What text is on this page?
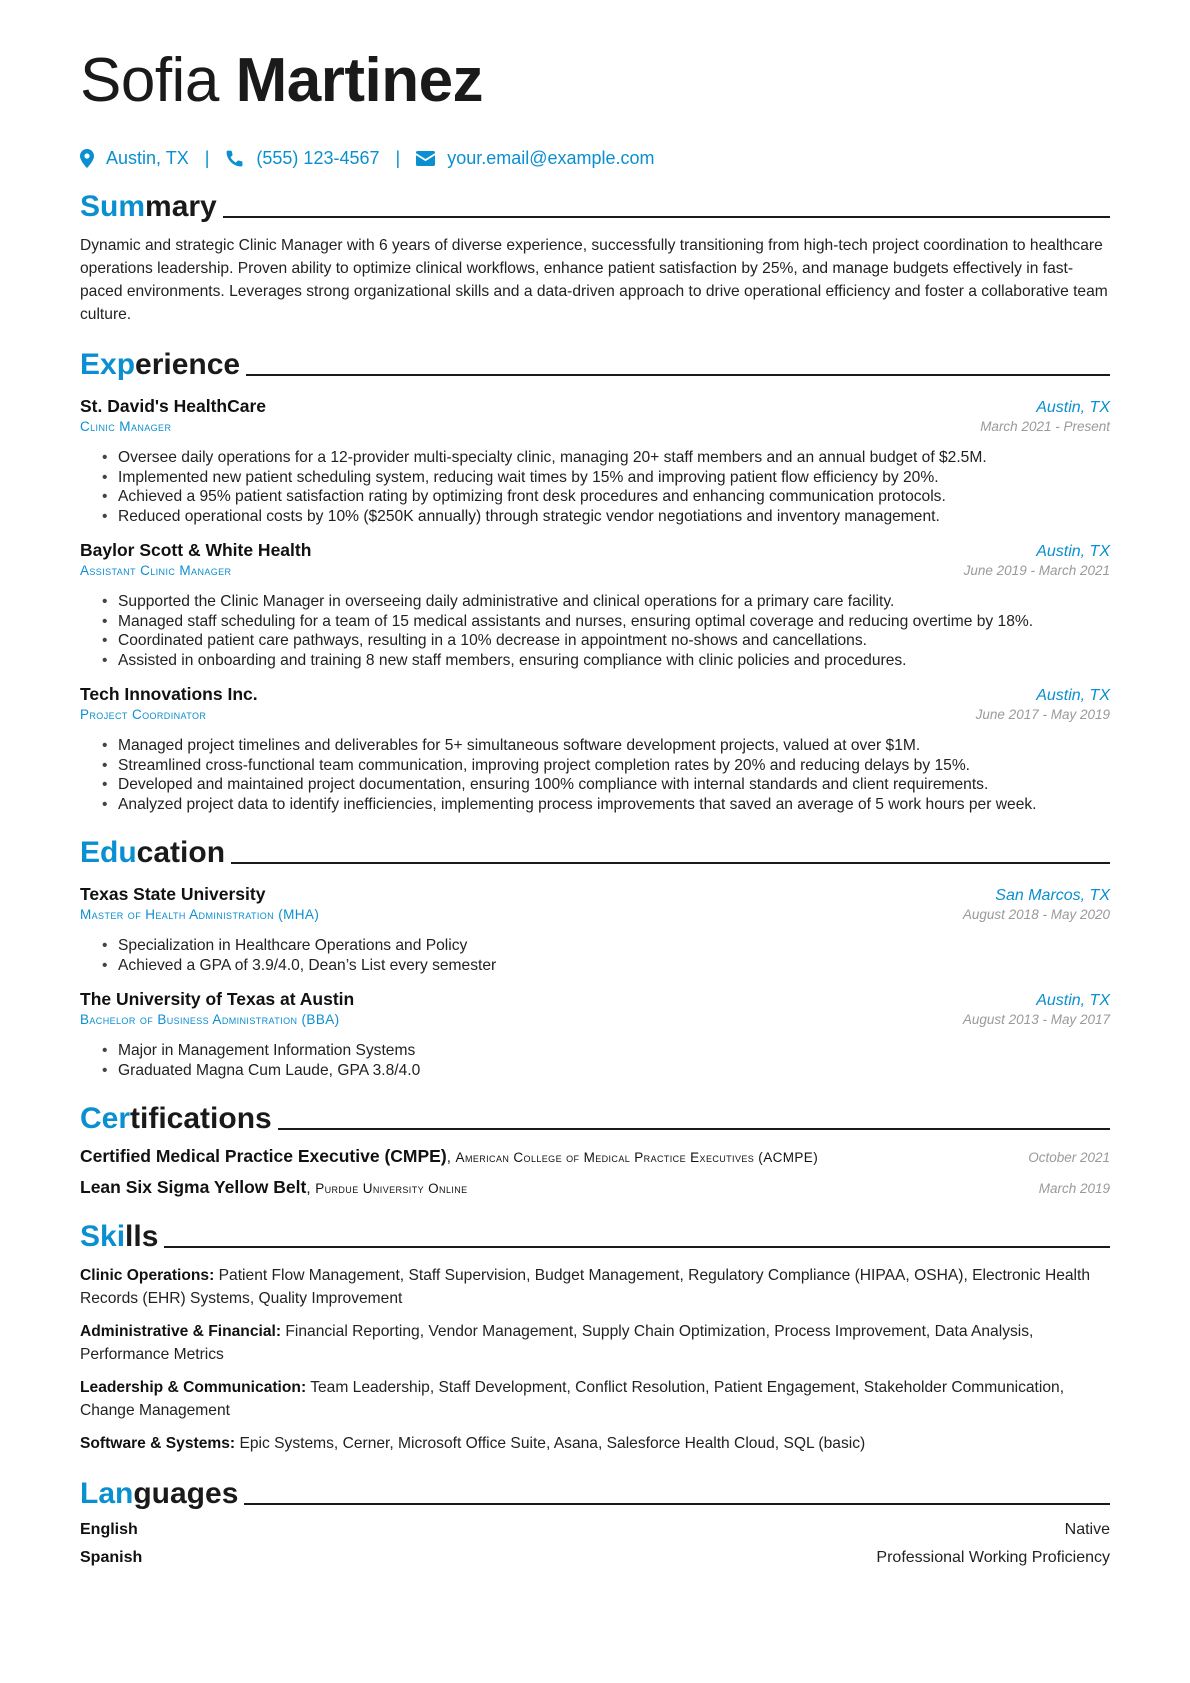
Sofia Martinez
Austin, TX |	(555) 123-4567 |	your.email@example.com
Summary
Dynamic and strategic Clinic Manager with 6 years of diverse experience, successfully transitioning from high-tech project coordination to healthcare operations leadership. Proven ability to optimize clinical workflows, enhance patient satisfaction by 25%, and manage budgets effectively in fast-paced environments. Leverages strong organizational skills and a data-driven approach to drive operational efficiency and foster a collaborative team culture.
Experience
St. David's HealthCare	Austin, TX
Clinic Manager	March 2021 - Present
• Oversee daily operations for a 12-provider multi-specialty clinic, managing 20+ staff members and an annual budget of $2.5M.
• Implemented new patient scheduling system, reducing wait times by 15% and improving patient flow efficiency by 20%.
• Achieved a 95% patient satisfaction rating by optimizing front desk procedures and enhancing communication protocols.
• Reduced operational costs by 10% ($250K annually) through strategic vendor negotiations and inventory management.
Baylor Scott & White Health	Austin, TX
Assistant Clinic Manager	June 2019 - March 2021
• Supported the Clinic Manager in overseeing daily administrative and clinical operations for a primary care facility.
• Managed staff scheduling for a team of 15 medical assistants and nurses, ensuring optimal coverage and reducing overtime by 18%.
• Coordinated patient care pathways, resulting in a 10% decrease in appointment no-shows and cancellations.
• Assisted in onboarding and training 8 new staff members, ensuring compliance with clinic policies and procedures.
Tech Innovations Inc.	Austin, TX
Project Coordinator	June 2017 - May 2019
• Managed project timelines and deliverables for 5+ simultaneous software development projects, valued at over $1M.
• Streamlined cross-functional team communication, improving project completion rates by 20% and reducing delays by 15%.
• Developed and maintained project documentation, ensuring 100% compliance with internal standards and client requirements.
• Analyzed project data to identify inefficiencies, implementing process improvements that saved an average of 5 work hours per week.
Education
Texas State University	San Marcos, TX
Master of Health Administration (MHA)	August 2018 - May 2020
• Specialization in Healthcare Operations and Policy
• Achieved a GPA of 3.9/4.0, Dean’s List every semester
The University of Texas at Austin	Austin, TX
Bachelor of Business Administration (BBA)	August 2013 - May 2017
• Major in Management Information Systems
• Graduated Magna Cum Laude, GPA 3.8/4.0
Certifications
Certified Medical Practice Executive (CMPE), American College of Medical Practice Executives (ACMPE)	October 2021
Lean Six Sigma Yellow Belt, Purdue University Online	March 2019
Skills
Clinic Operations: Patient Flow Management, Staff Supervision, Budget Management, Regulatory Compliance (HIPAA, OSHA), Electronic Health Records (EHR) Systems, Quality Improvement
Administrative & Financial: Financial Reporting, Vendor Management, Supply Chain Optimization, Process Improvement, Data Analysis, Performance Metrics
Leadership & Communication: Team Leadership, Staff Development, Conflict Resolution, Patient Engagement, Stakeholder Communication, Change Management
Software & Systems: Epic Systems, Cerner, Microsoft Office Suite, Asana, Salesforce Health Cloud, SQL (basic)
Languages
English	Native
Spanish	Professional Working Proficiency
